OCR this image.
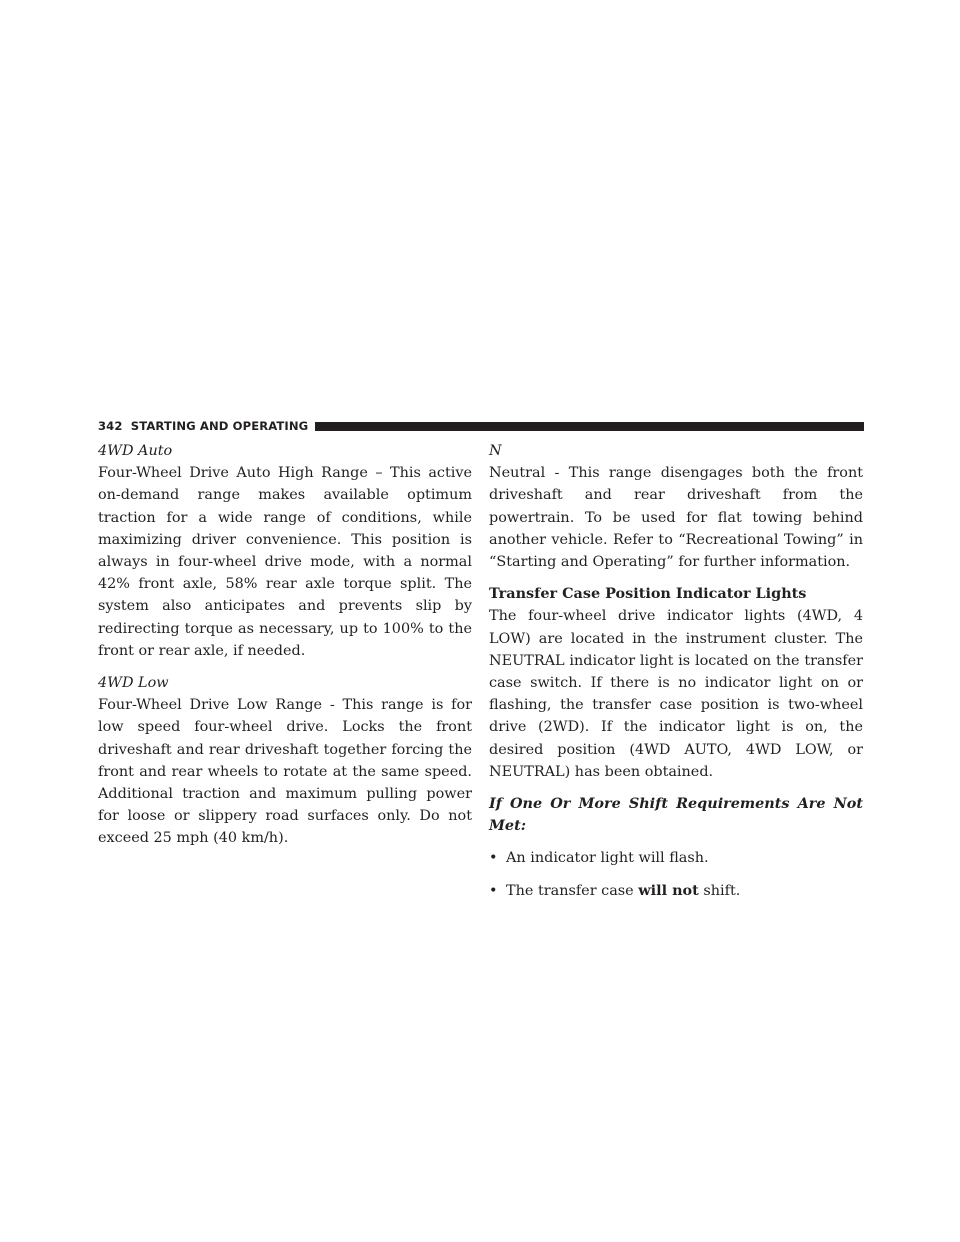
342 STARTING AND OPERATING

4WD Auto

Four-Wheel Drive Auto High Range – This active on-demand range makes available optimum traction for a wide range of conditions, while maximizing driver convenience. This position is always in four-wheel drive mode, with a normal 42% front axle, 58% rear axle torque split. The system also anticipates and prevents slip by redirecting torque as necessary, up to 100% to the front or rear axle, if needed.

4WD Low

Four-Wheel Drive Low Range - This range is for low speed four-wheel drive. Locks the front driveshaft and rear driveshaft together forcing the front and rear wheels to rotate at the same speed. Additional traction and maximum pulling power for loose or slippery road surfaces only. Do not exceed 25 mph (40 km/h).

N

Neutral - This range disengages both the front driveshaft and rear driveshaft from the powertrain. To be used for flat towing behind another vehicle. Refer to “Recreational Towing” in “Starting and Operating” for further information.

Transfer Case Position Indicator Lights

The four-wheel drive indicator lights (4WD, 4 LOW) are located in the instrument cluster. The NEUTRAL indicator light is located on the transfer case switch. If there is no indicator light on or flashing, the transfer case position is two-wheel drive (2WD). If the indicator light is on, the desired position (4WD AUTO, 4WD LOW, or NEUTRAL) has been obtained.

If One Or More Shift Requirements Are Not Met:

• An indicator light will flash.

• The transfer case will not shift.
